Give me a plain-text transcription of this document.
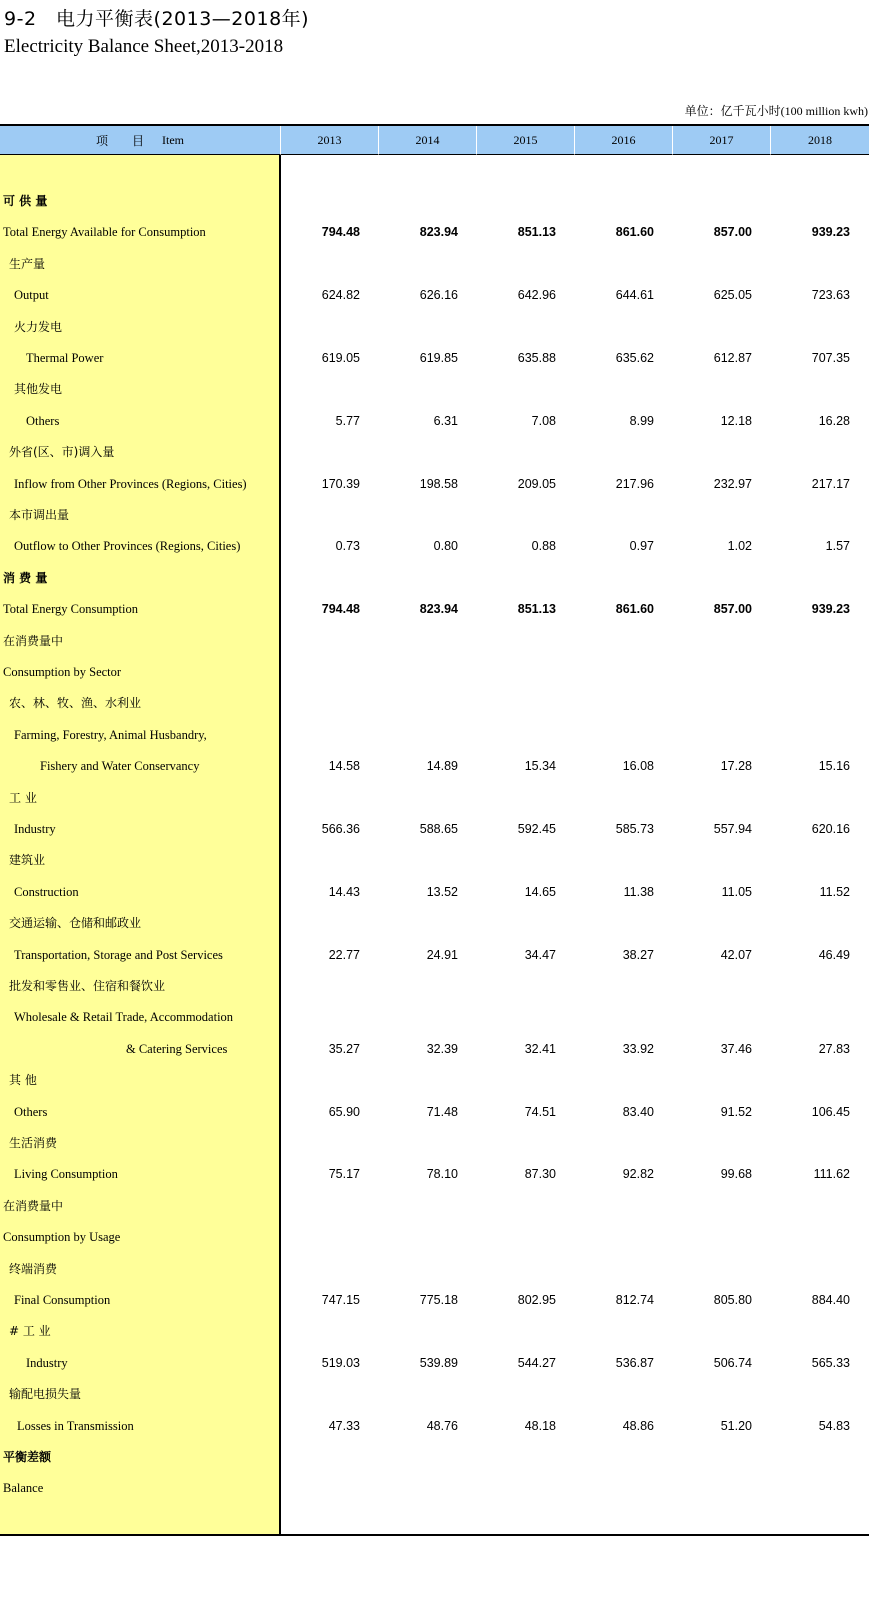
9-2　电力平衡表(2013—2018年)
Electricity Balance Sheet,2013-2018
单位：亿千瓦小时(100 million kwh)
项　目 Item	2013	2014	2015	2016	2017	2018
可 供 量
Total Energy Available for Consumption	794.48	823.94	851.13	861.60	857.00	939.23
生产量
Output	624.82	626.16	642.96	644.61	625.05	723.63
火力发电
Thermal Power	619.05	619.85	635.88	635.62	612.87	707.35
其他发电
Others	5.77	6.31	7.08	8.99	12.18	16.28
外省(区、市)调入量
Inflow from Other Provinces (Regions, Cities)	170.39	198.58	209.05	217.96	232.97	217.17
本市调出量
Outflow to Other Provinces (Regions, Cities)	0.73	0.80	0.88	0.97	1.02	1.57
消 费 量
Total Energy Consumption	794.48	823.94	851.13	861.60	857.00	939.23
在消费量中
Consumption by Sector
农、林、牧、渔、水利业
Farming, Forestry, Animal Husbandry,
Fishery and Water Conservancy	14.58	14.89	15.34	16.08	17.28	15.16
工 业
Industry	566.36	588.65	592.45	585.73	557.94	620.16
建筑业
Construction	14.43	13.52	14.65	11.38	11.05	11.52
交通运输、仓储和邮政业
Transportation, Storage and Post Services	22.77	24.91	34.47	38.27	42.07	46.49
批发和零售业、住宿和餐饮业
Wholesale & Retail Trade, Accommodation
& Catering Services	35.27	32.39	32.41	33.92	37.46	27.83
其 他
Others	65.90	71.48	74.51	83.40	91.52	106.45
生活消费
Living Consumption	75.17	78.10	87.30	92.82	99.68	111.62
在消费量中
Consumption by Usage
终端消费
Final Consumption	747.15	775.18	802.95	812.74	805.80	884.40
# 工 业
Industry	519.03	539.89	544.27	536.87	506.74	565.33
输配电损失量
Losses in Transmission	47.33	48.76	48.18	48.86	51.20	54.83
平衡差额
Balance
